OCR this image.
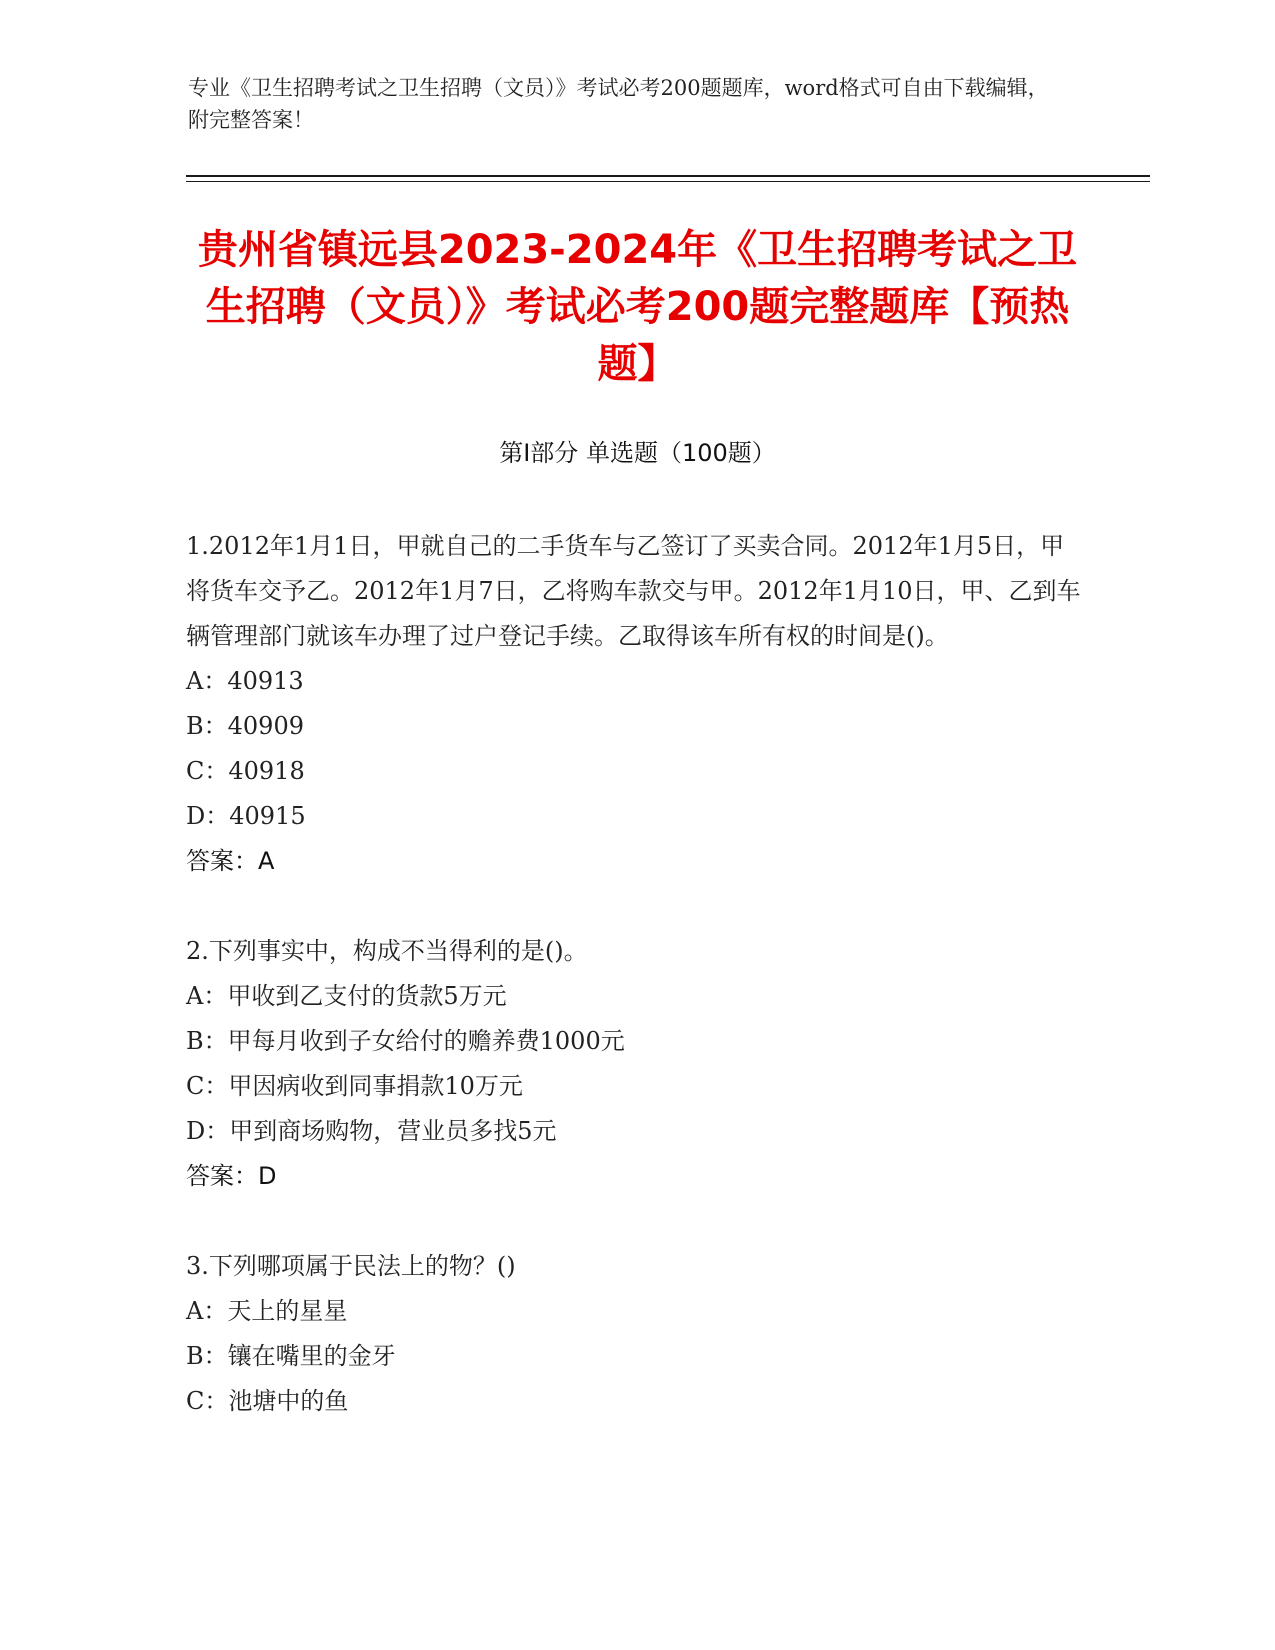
专业《卫生招聘考试之卫生招聘（文员）》考试必考200题题库，word格式可自由下载编辑，附完整答案！
贵州省镇远县2023-2024年《卫生招聘考试之卫生招聘（文员）》考试必考200题完整题库【预热题】
第I部分 单选题（100题）

1.2012年1月1日，甲就自己的二手货车与乙签订了买卖合同。2012年1月5日，甲将货车交予乙。2012年1月7日，乙将购车款交与甲。2012年1月10日，甲、乙到车辆管理部门就该车办理了过户登记手续。乙取得该车所有权的时间是()。

A：40913

B：40909

C：40918

D：40915

答案：A

2.下列事实中，构成不当得利的是()。

A：甲收到乙支付的货款5万元

B：甲每月收到子女给付的赡养费1000元

C：甲因病收到同事捐款10万元

D：甲到商场购物，营业员多找5元

答案：D

3.下列哪项属于民法上的物？()

A：天上的星星

B：镶在嘴里的金牙

C：池塘中的鱼
